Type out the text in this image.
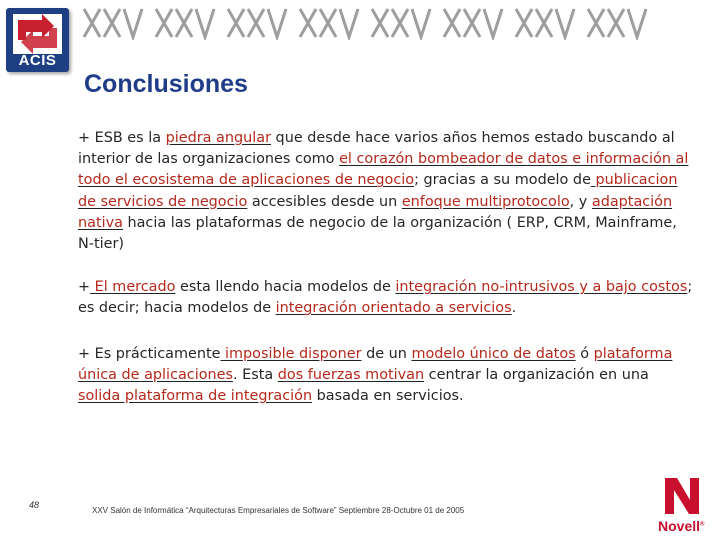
ACIS
Conclusiones

+ ESB es la piedra angular que desde hace varios años hemos estado buscando al interior de las organizaciones como el corazón bombeador de datos e información al todo el ecosistema de aplicaciones de negocio; gracias a su modelo de publicacion de servicios de negocio accesibles desde un enfoque multiprotocolo, y adaptación nativa hacia las plataformas de negocio de la organización ( ERP, CRM, Mainframe, N-tier)

+ El mercado esta llendo hacia modelos de integración no-intrusivos y a bajo costos; es decir; hacia modelos de integración orientado a servicios.

+ Es prácticamente imposible disponer de un modelo único de datos ó plataforma única de aplicaciones. Esta dos fuerzas motivan centrar la organización en una solida plataforma de integración basada en servicios.

48
XXV Salón de Informática “Arquitecturas Empresariales de Software” Septiembre 28-Octubre 01 de 2005
Novell®
